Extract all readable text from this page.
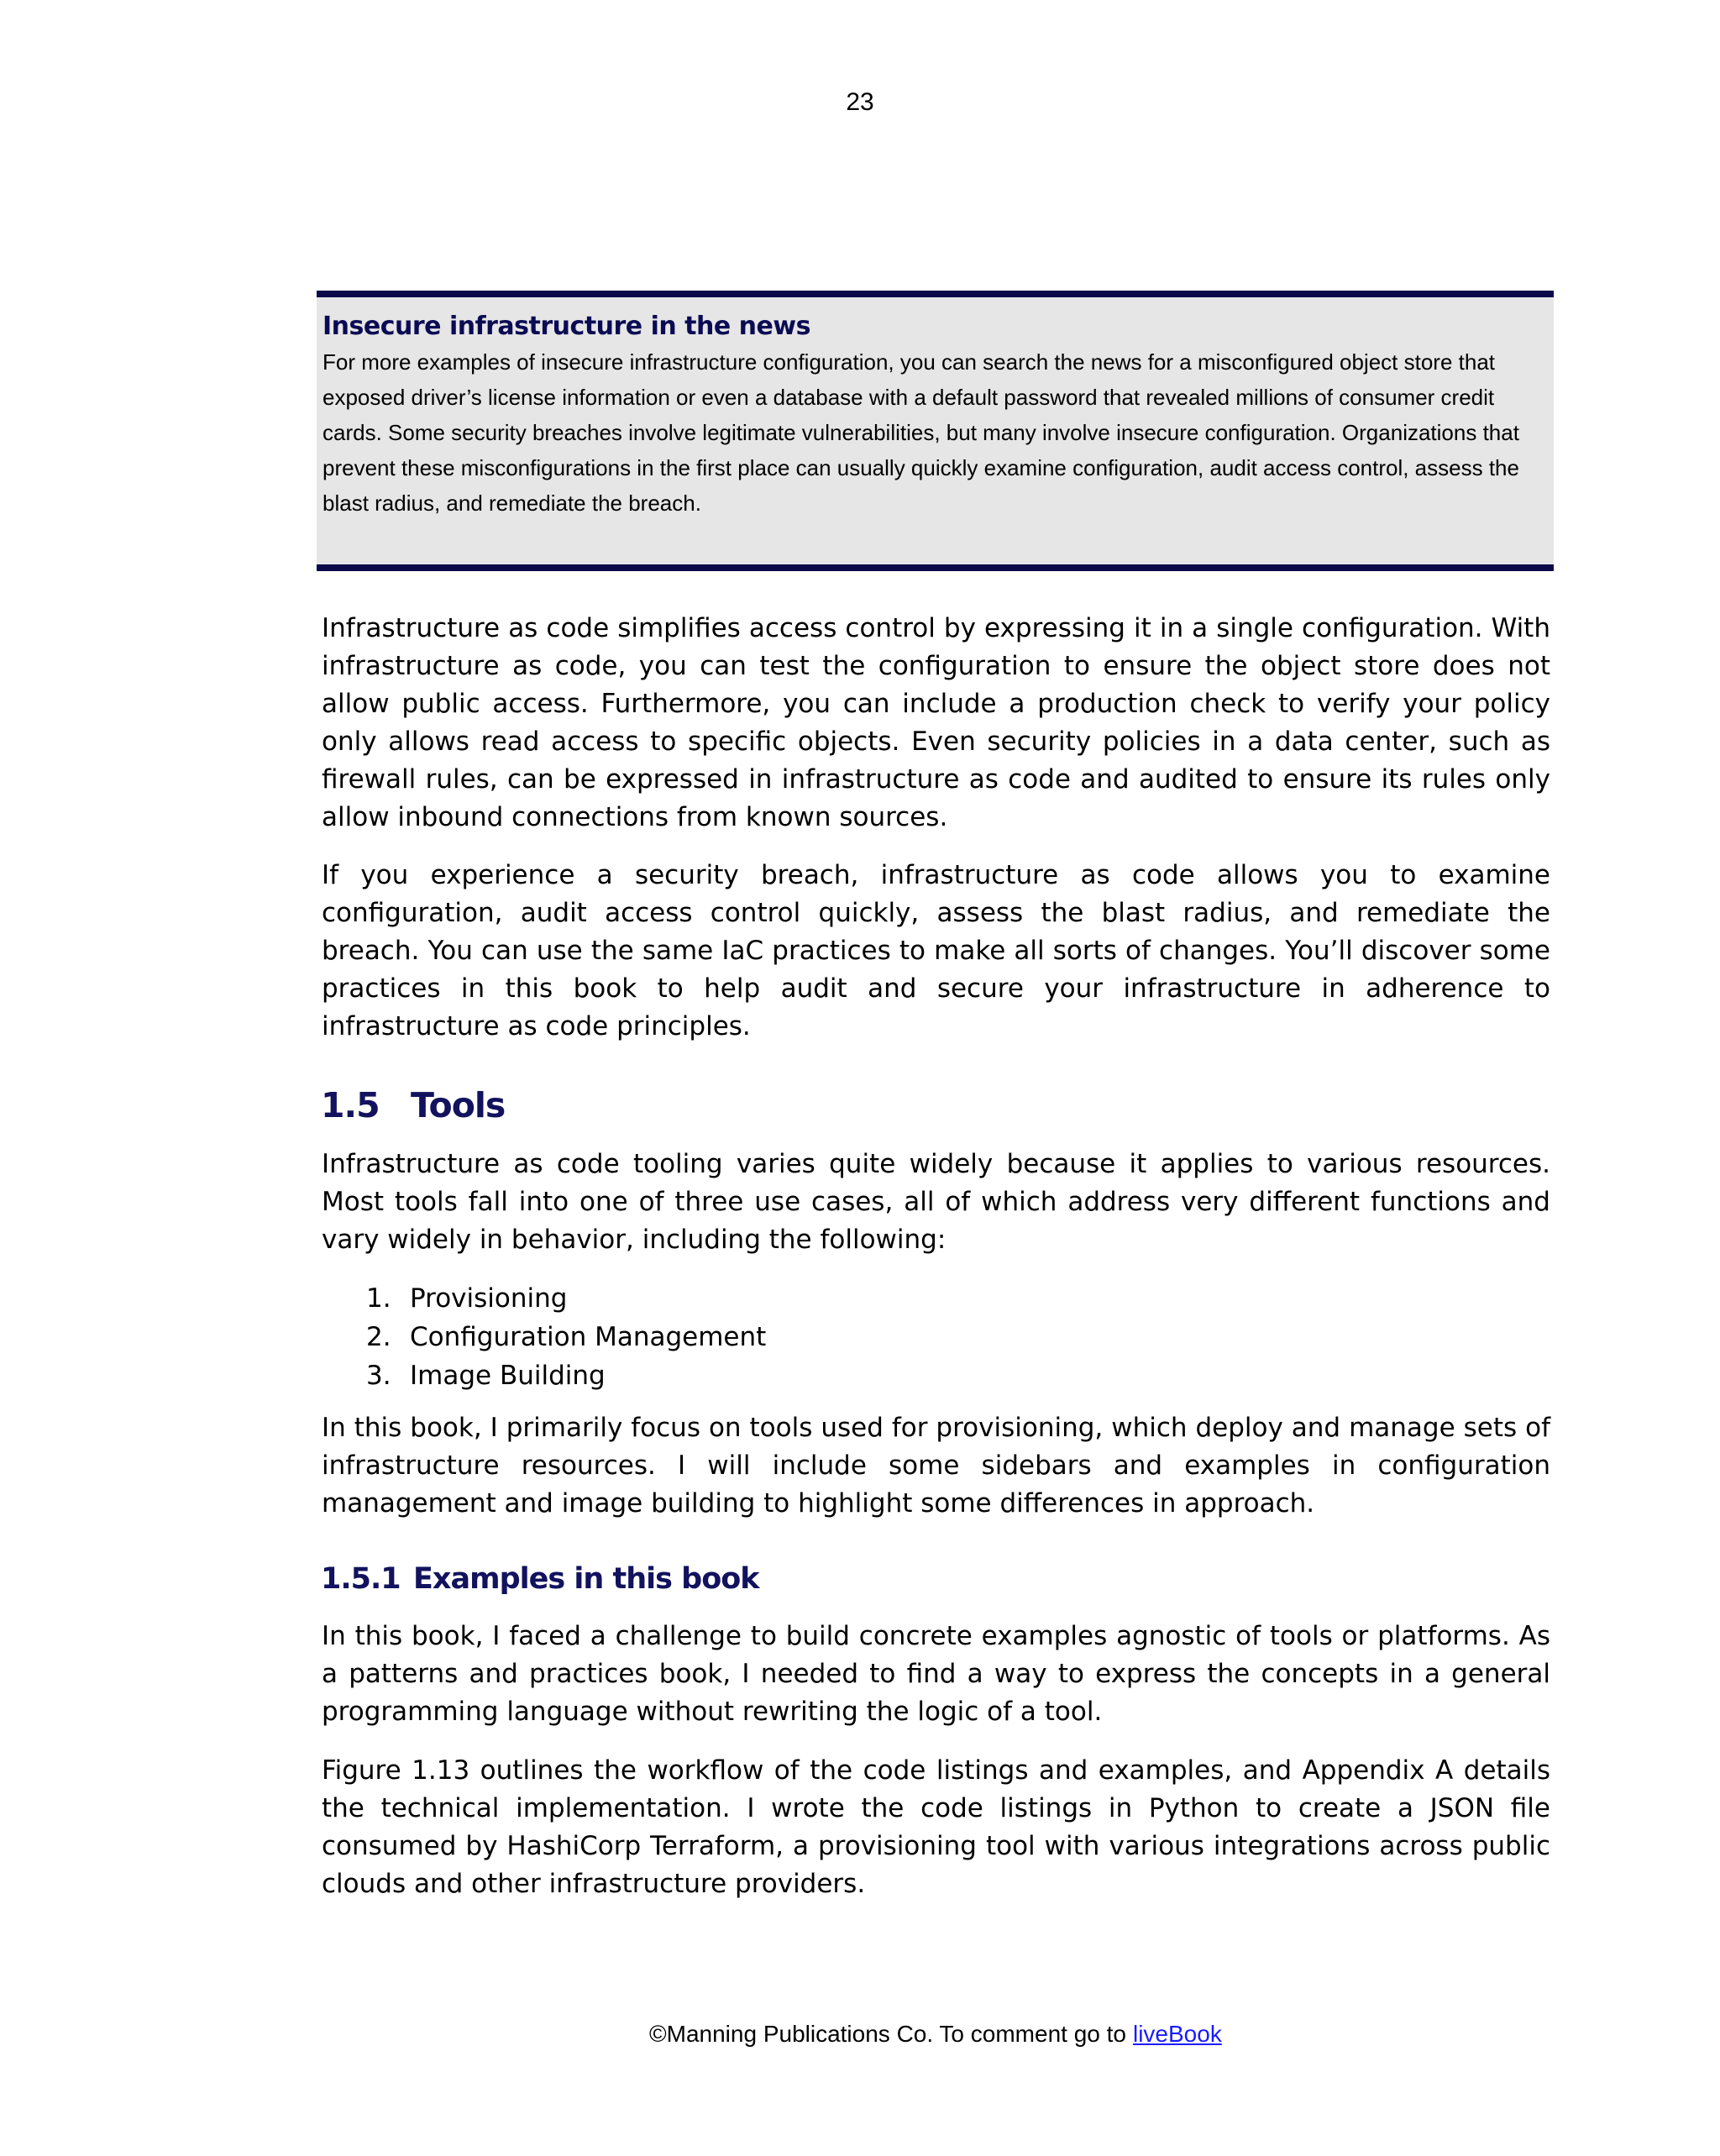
23
Insecure infrastructure in the news

For more examples of insecure infrastructure configuration, you can search the news for a misconfigured object store that exposed driver’s license information or even a database with a default password that revealed millions of consumer credit cards. Some security breaches involve legitimate vulnerabilities, but many involve insecure configuration. Organizations that prevent these misconfigurations in the first place can usually quickly examine configuration, audit access control, assess the blast radius, and remediate the breach.

Infrastructure as code simplifies access control by expressing it in a single configuration. With infrastructure as code, you can test the configuration to ensure the object store does not allow public access. Furthermore, you can include a production check to verify your policy only allows read access to specific objects. Even security policies in a data center, such as firewall rules, can be expressed in infrastructure as code and audited to ensure its rules only allow inbound connections from known sources.

If you experience a security breach, infrastructure as code allows you to examine configuration, audit access control quickly, assess the blast radius, and remediate the breach. You can use the same IaC practices to make all sorts of changes. You’ll discover some practices in this book to help audit and secure your infrastructure in adherence to infrastructure as code principles.

1.5 Tools

Infrastructure as code tooling varies quite widely because it applies to various resources. Most tools fall into one of three use cases, all of which address very different functions and vary widely in behavior, including the following:

1. Provisioning
2. Configuration Management
3. Image Building

In this book, I primarily focus on tools used for provisioning, which deploy and manage sets of infrastructure resources. I will include some sidebars and examples in configuration management and image building to highlight some differences in approach.

1.5.1 Examples in this book

In this book, I faced a challenge to build concrete examples agnostic of tools or platforms. As a patterns and practices book, I needed to find a way to express the concepts in a general programming language without rewriting the logic of a tool.

Figure 1.13 outlines the workflow of the code listings and examples, and Appendix A details the technical implementation. I wrote the code listings in Python to create a JSON file consumed by HashiCorp Terraform, a provisioning tool with various integrations across public clouds and other infrastructure providers.

©Manning Publications Co. To comment go to liveBook
